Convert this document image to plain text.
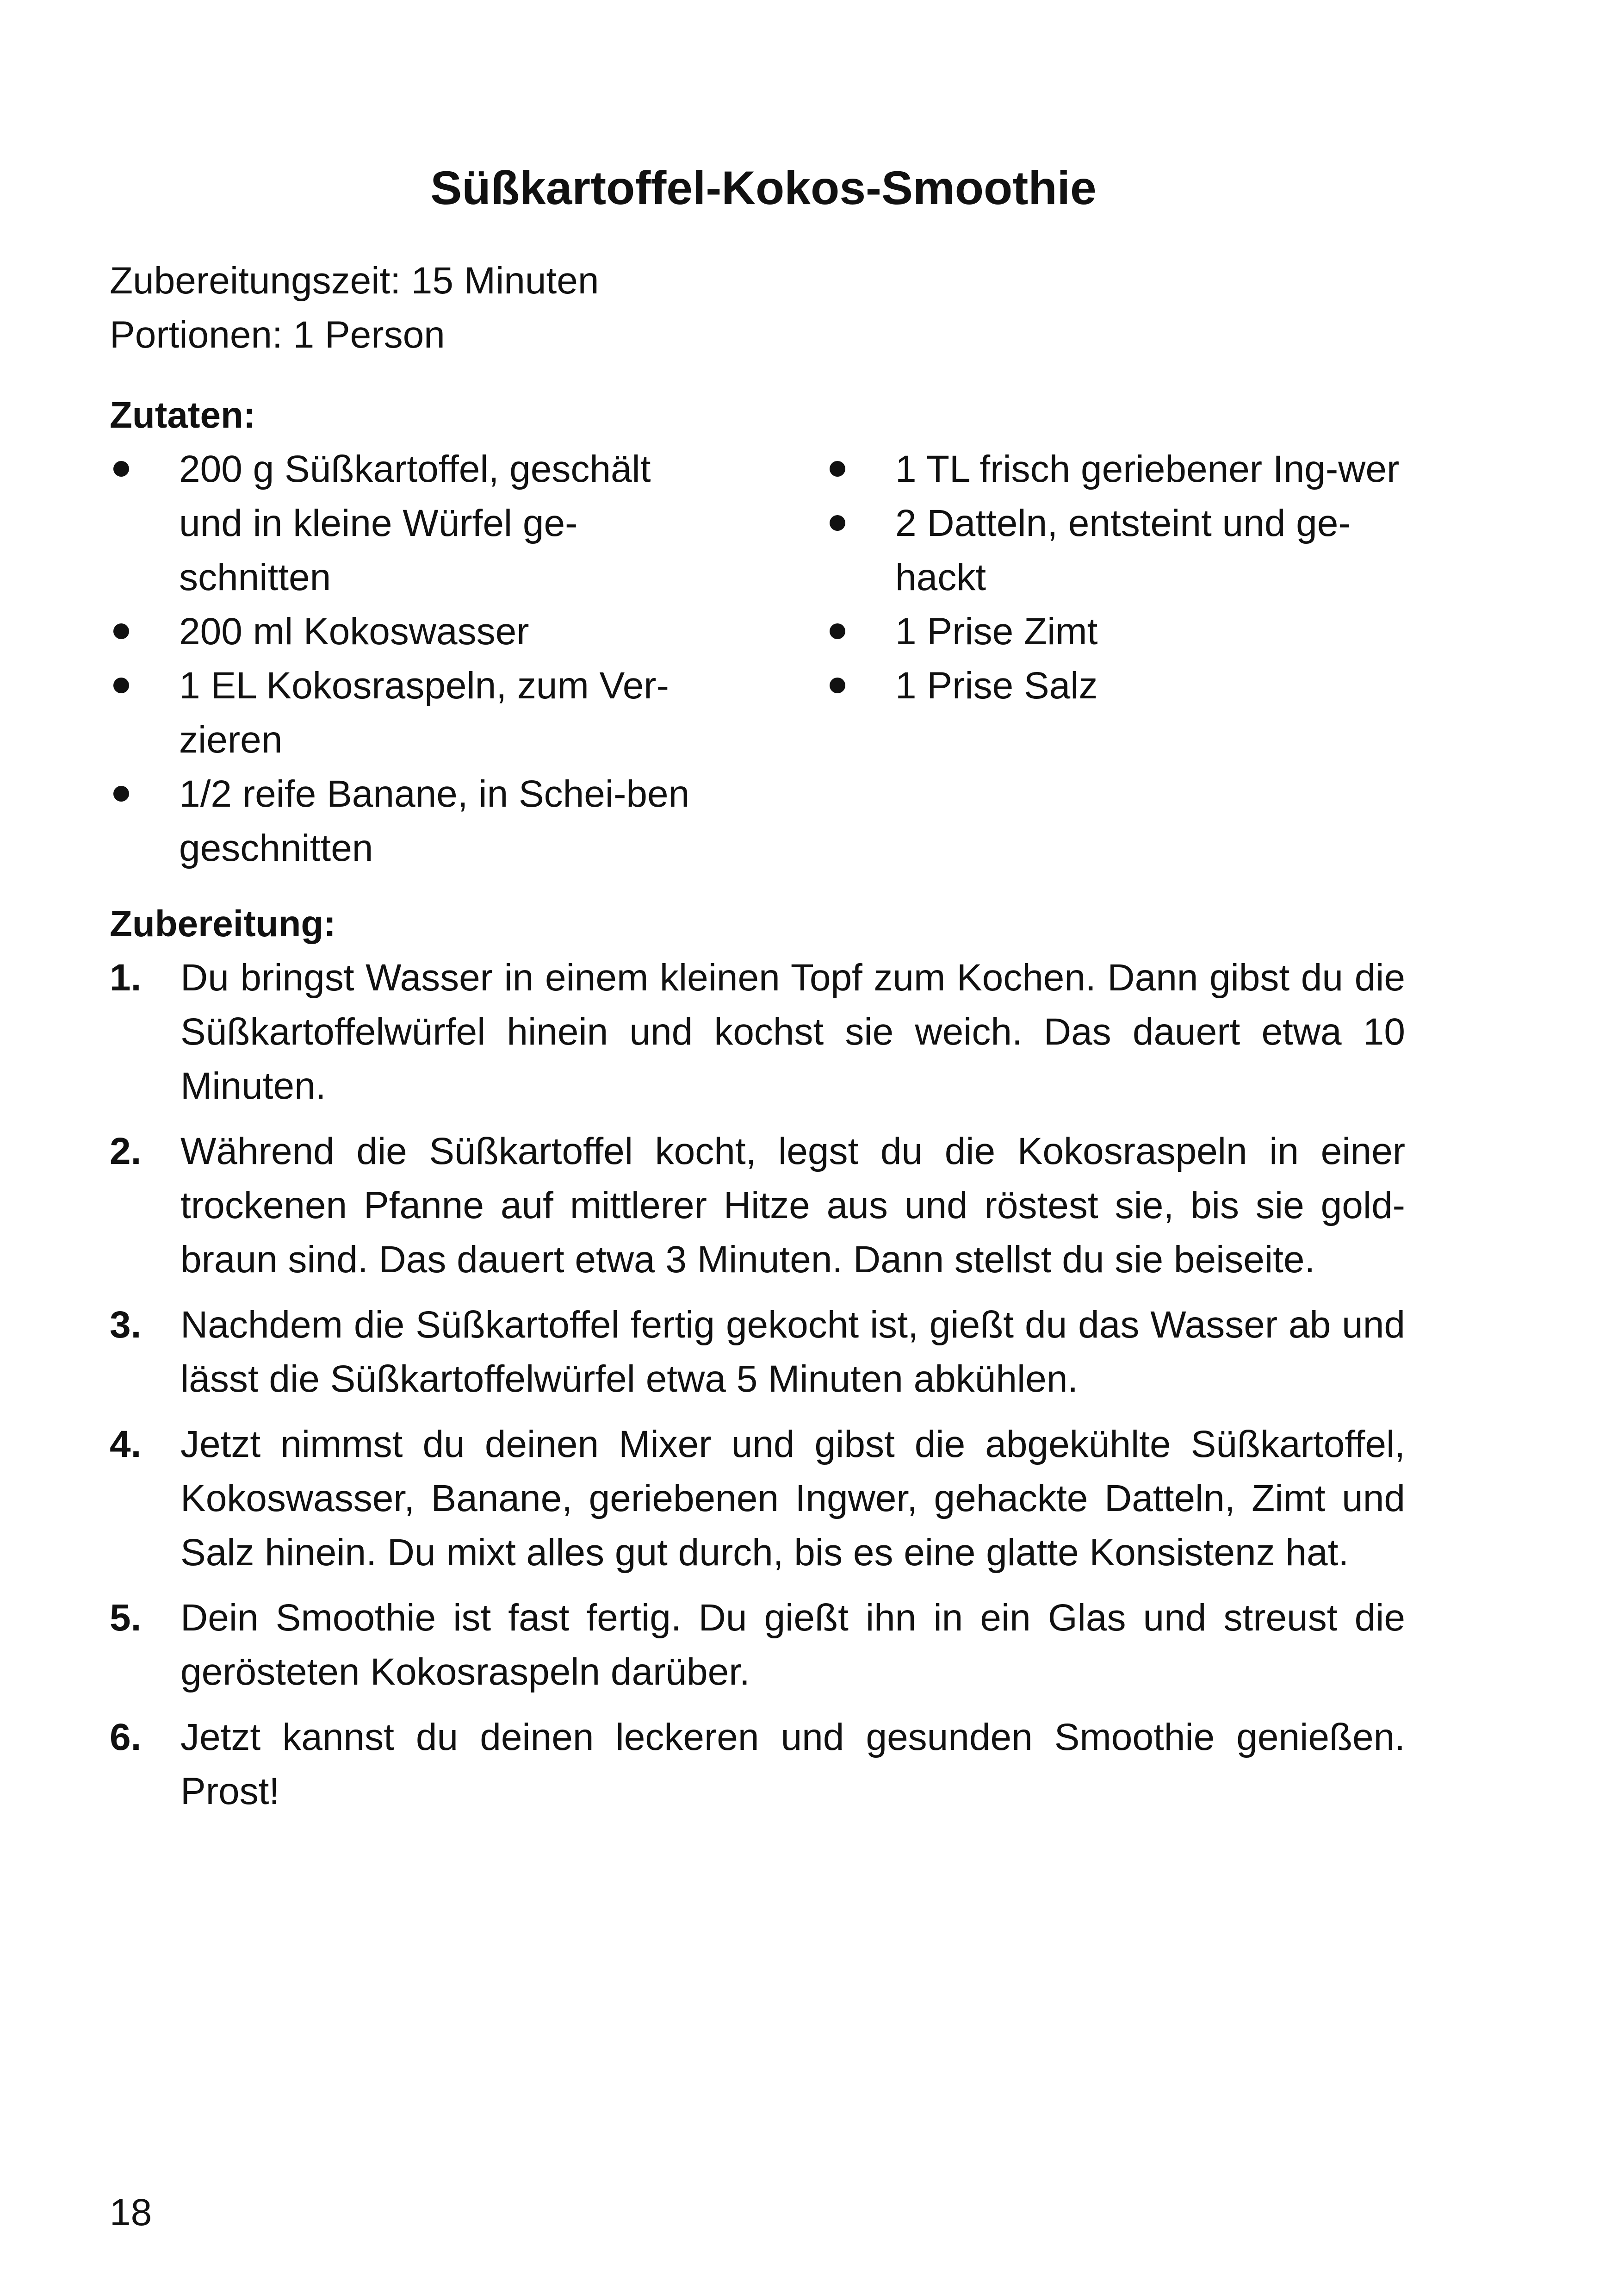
Süßkartoffel-Kokos-Smoothie
Zubereitungszeit: 15 Minuten
Portionen: 1 Person
Zutaten:
200 g Süßkartoffel, geschält und in kleine Würfel ge-schnitten
200 ml Kokoswasser
1 EL Kokosraspeln, zum Ver-zieren
1/2 reife Banane, in Schei-ben geschnitten
1 TL frisch geriebener Ing-wer
2 Datteln, entsteint und ge-hackt
1 Prise Zimt
1 Prise Salz
Zubereitung:
1. Du bringst Wasser in einem kleinen Topf zum Kochen. Dann gibst du die Süßkartoffelwürfel hinein und kochst sie weich. Das dauert etwa 10 Minuten.
2. Während die Süßkartoffel kocht, legst du die Kokosraspeln in einer trockenen Pfanne auf mittlerer Hitze aus und röstest sie, bis sie gold-braun sind. Das dauert etwa 3 Minuten. Dann stellst du sie beiseite.
3. Nachdem die Süßkartoffel fertig gekocht ist, gießt du das Wasser ab und lässt die Süßkartoffelwürfel etwa 5 Minuten abkühlen.
4. Jetzt nimmst du deinen Mixer und gibst die abgekühlte Süßkartoffel, Kokoswasser, Banane, geriebenen Ingwer, gehackte Datteln, Zimt und Salz hinein. Du mixt alles gut durch, bis es eine glatte Konsistenz hat.
5. Dein Smoothie ist fast fertig. Du gießt ihn in ein Glas und streust die gerösteten Kokosraspeln darüber.
6. Jetzt kannst du deinen leckeren und gesunden Smoothie genießen. Prost!
18
